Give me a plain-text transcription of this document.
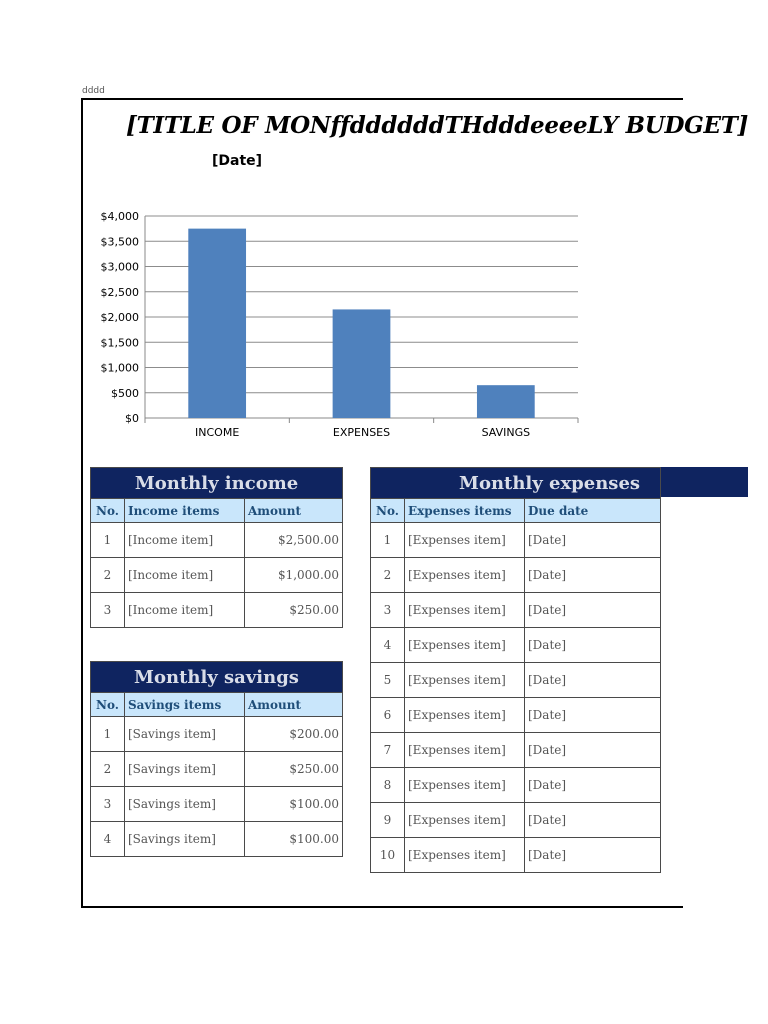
dddd
[TITLE OF MONffddddddTHdddeeeeLY BUDGET]
[Date]
$0
$500
$1,000
$1,500
$2,000
$2,500
$3,000
$3,500
$4,000
INCOME	EXPENSES	SAVINGS
Monthly income		
No.	Income items	Amount
1	[Income item]	$2,500.00
2	[Income item]	$1,000.00
3	[Income item]	$250.00
Monthly savings		
No.	Savings items	Amount
1	[Savings item]	$200.00
2	[Savings item]	$250.00
3	[Savings item]	$100.00
4	[Savings item]	$100.00
Monthly expenses		
No.	Expenses items	Due date
1	[Expenses item]	[Date]
2	[Expenses item]	[Date]
3	[Expenses item]	[Date]
4	[Expenses item]	[Date]
5	[Expenses item]	[Date]
6	[Expenses item]	[Date]
7	[Expenses item]	[Date]
8	[Expenses item]	[Date]
9	[Expenses item]	[Date]
10	[Expenses item]	[Date]
